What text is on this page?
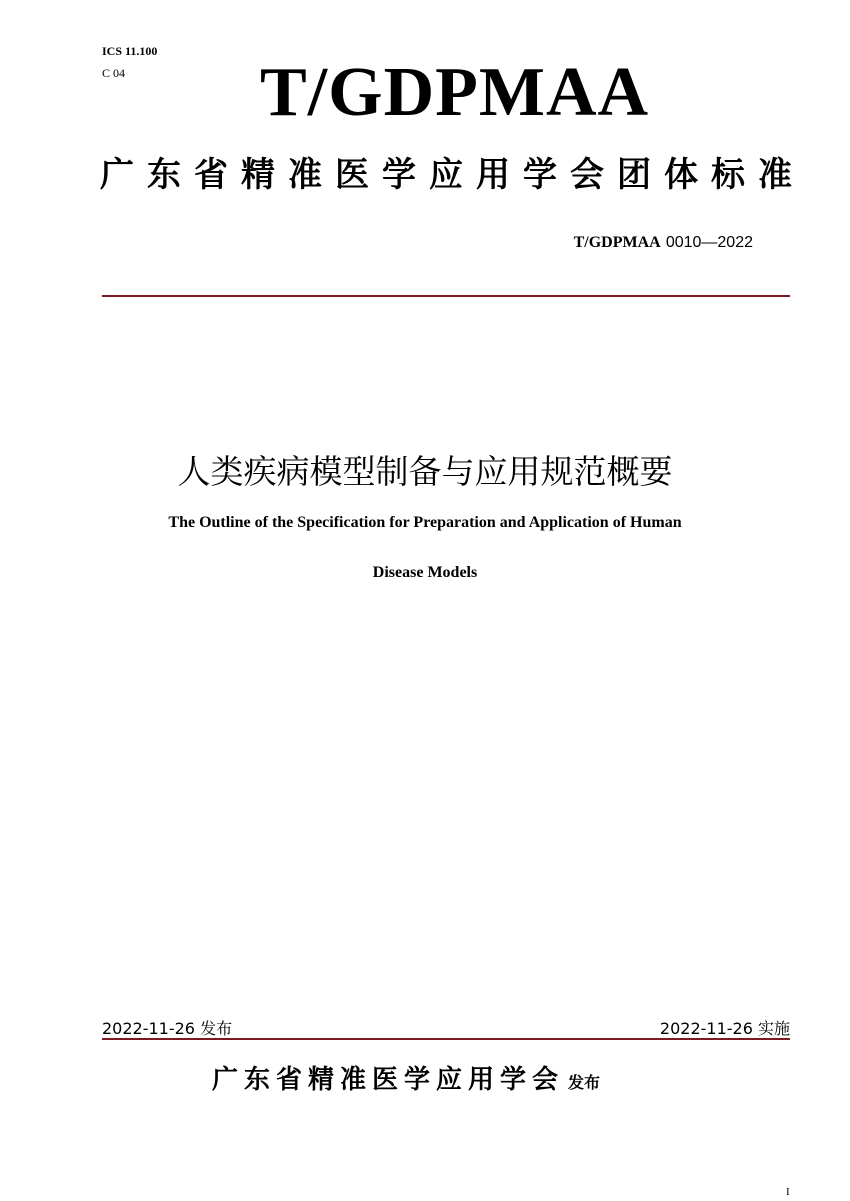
ICS 11.100
C 04 T/GDPMAA
广东省精准医学应用学会团体标准
T/GDPMAA 0010—2022
人类疾病模型制备与应用规范概要
The Outline of the Specification for Preparation and Application of Human
Disease Models
2022-11-26 发布	2022-11-26 实施
广东省精准医学应用学会 发布
I
